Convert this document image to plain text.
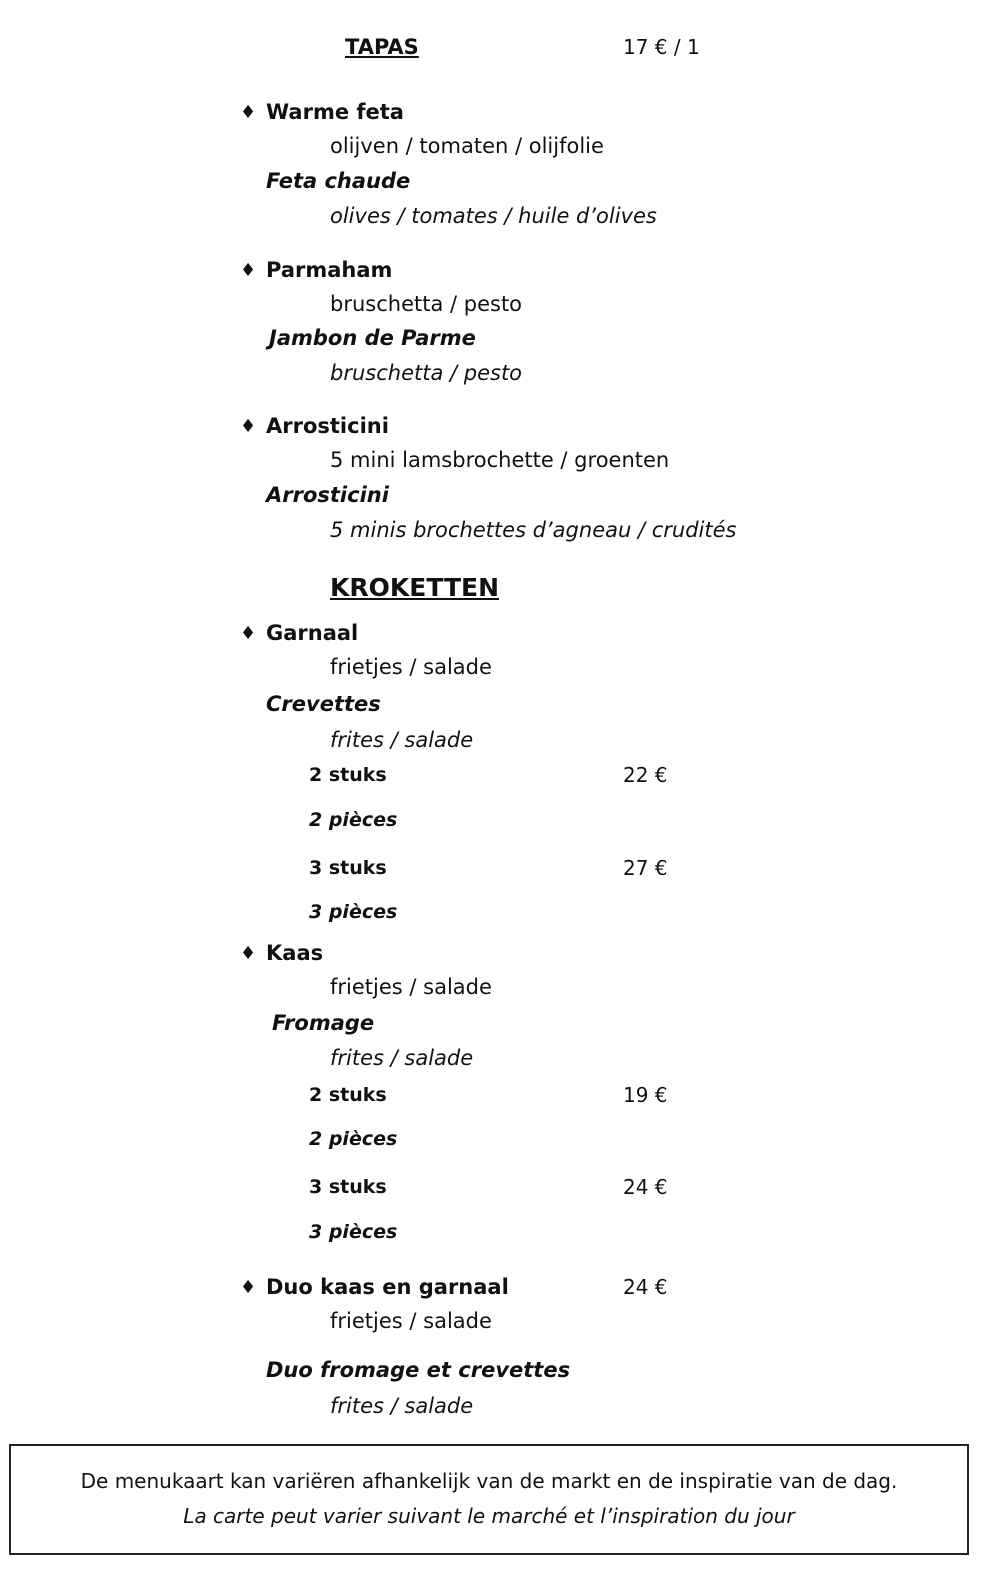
TAPAS	17 € / 1
♦ Warme feta
olijven / tomaten / olijfolie
Feta chaude
olives / tomates / huile d’olives
♦ Parmaham
bruschetta / pesto
Jambon de Parme
bruschetta / pesto
♦ Arrosticini
5 mini lamsbrochette / groenten
Arrosticini
5 minis brochettes d’agneau / crudités
KROKETTEN
♦ Garnaal
frietjes / salade
Crevettes
frites / salade
2 stuks	22 €
2 pièces
3 stuks	27 €
3 pièces
♦ Kaas
frietjes / salade
Fromage
frites / salade
2 stuks	19 €
2 pièces
3 stuks	24 €
3 pièces
♦ Duo kaas en garnaal	24 €
frietjes / salade
Duo fromage et crevettes
frites / salade
De menukaart kan variëren afhankelijk van de markt en de inspiratie van de dag.
La carte peut varier suivant le marché et l’inspiration du jour
